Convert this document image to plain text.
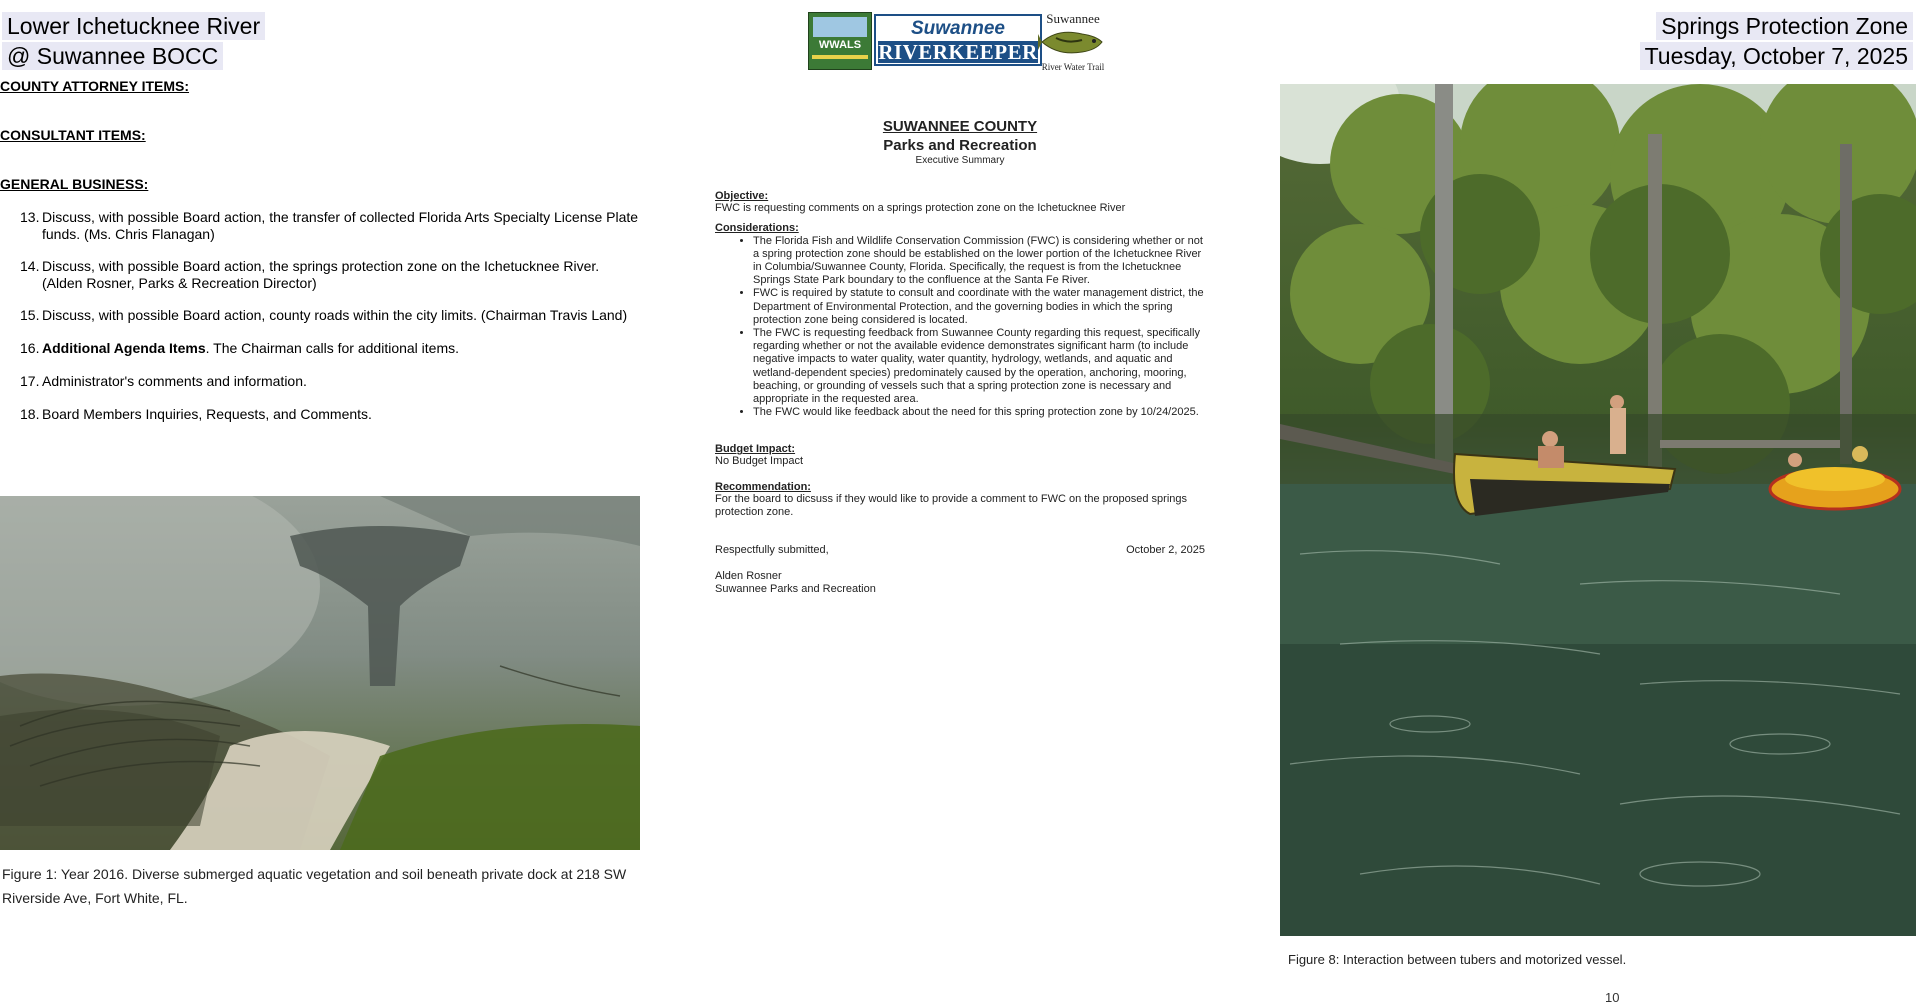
Lower Ichetucknee River
@ Suwannee BOCC
Springs Protection Zone
Tuesday, October 7, 2025
WWALS
Suwannee
RIVERKEEPER
Suwannee
River Water Trail
COUNTY ATTORNEY ITEMS:
CONSULTANT ITEMS:
GENERAL BUSINESS:
13. Discuss, with possible Board action, the transfer of collected Florida Arts Specialty License Plate funds. (Ms. Chris Flanagan)
14. Discuss, with possible Board action, the springs protection zone on the Ichetucknee River. (Alden Rosner, Parks & Recreation Director)
15. Discuss, with possible Board action, county roads within the city limits. (Chairman Travis Land)
16. Additional Agenda Items. The Chairman calls for additional items.
17. Administrator's comments and information.
18. Board Members Inquiries, Requests, and Comments.
Figure 1: Year 2016. Diverse submerged aquatic vegetation and soil beneath private dock at 218 SW
Riverside Ave, Fort White, FL.
SUWANNEE COUNTY
Parks and Recreation
Executive Summary
Objective:
FWC is requesting comments on a springs protection zone on the Ichetucknee River
Considerations:
• The Florida Fish and Wildlife Conservation Commission (FWC) is considering whether or not a spring protection zone should be established on the lower portion of the Ichetucknee River in Columbia/Suwannee County, Florida. Specifically, the request is from the Ichetucknee Springs State Park boundary to the confluence at the Santa Fe River.
• FWC is required by statute to consult and coordinate with the water management district, the Department of Environmental Protection, and the governing bodies in which the spring protection zone being considered is located.
• The FWC is requesting feedback from Suwannee County regarding this request, specifically regarding whether or not the available evidence demonstrates significant harm (to include negative impacts to water quality, water quantity, hydrology, wetlands, and aquatic and wetland-dependent species) predominately caused by the operation, anchoring, mooring, beaching, or grounding of vessels such that a spring protection zone is necessary and appropriate in the requested area.
• The FWC would like feedback about the need for this spring protection zone by 10/24/2025.
Budget Impact:
No Budget Impact
Recommendation:
For the board to dicsuss if they would like to provide a comment to FWC on the proposed springs protection zone.
Respectfully submitted,	October 2, 2025
Alden Rosner
Suwannee Parks and Recreation
Figure 8: Interaction between tubers and motorized vessel.
10
